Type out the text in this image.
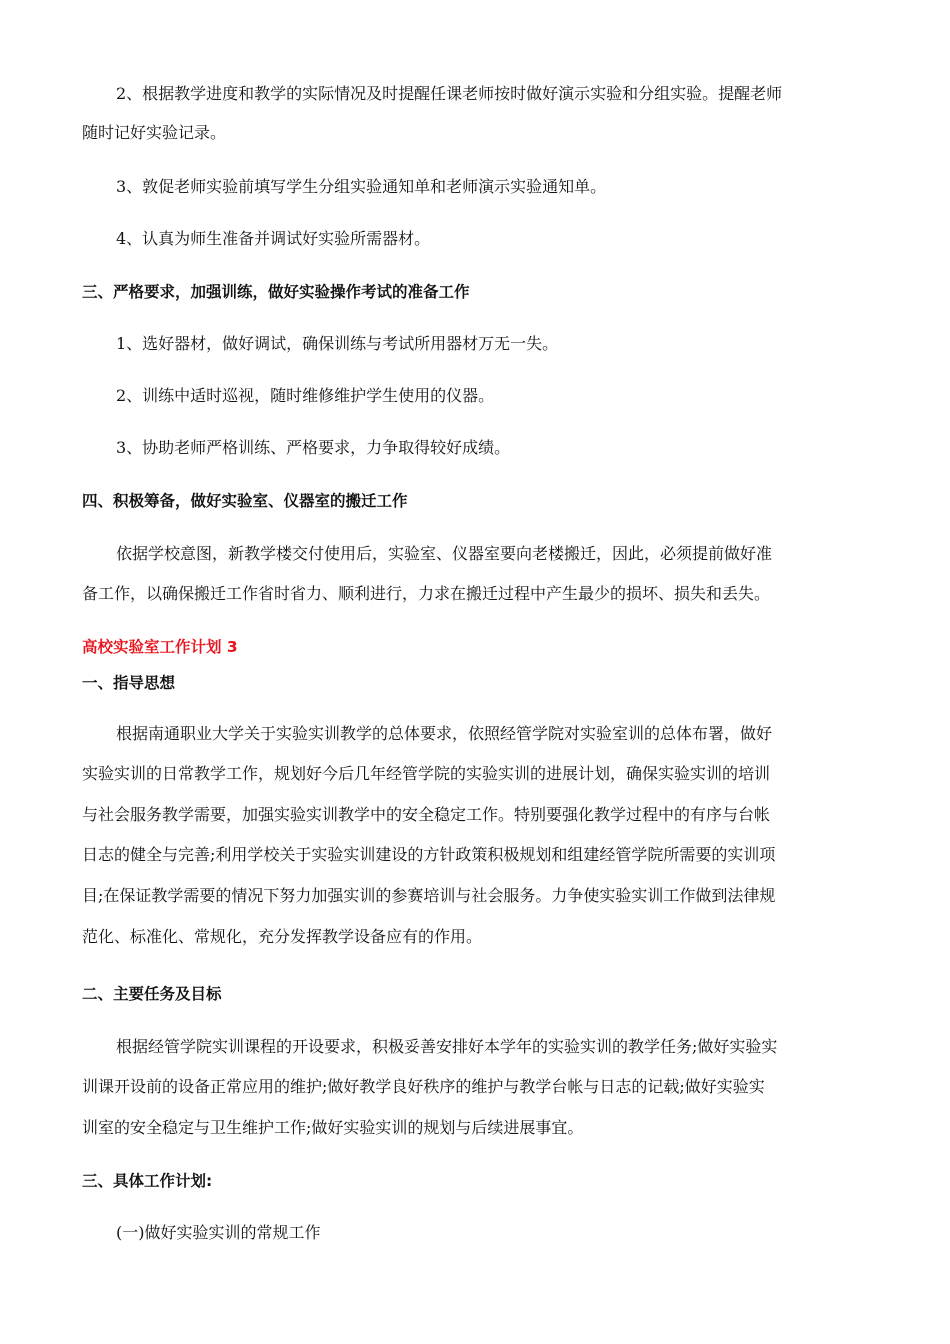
2、根据教学进度和教学的实际情况及时提醒任课老师按时做好演示实验和分组实验。提醒老师
随时记好实验记录。
3、敦促老师实验前填写学生分组实验通知单和老师演示实验通知单。
4、认真为师生准备并调试好实验所需器材。
三、严格要求，加强训练，做好实验操作考试的准备工作
1、选好器材，做好调试，确保训练与考试所用器材万无一失。
2、训练中适时巡视，随时维修维护学生使用的仪器。
3、协助老师严格训练、严格要求，力争取得较好成绩。
四、积极筹备，做好实验室、仪器室的搬迁工作
依据学校意图，新教学楼交付使用后，实验室、仪器室要向老楼搬迁，因此，必须提前做好准
备工作，以确保搬迁工作省时省力、顺利进行，力求在搬迁过程中产生最少的损坏、损失和丢失。
高校实验室工作计划 3
一、指导思想
根据南通职业大学关于实验实训教学的总体要求，依照经管学院对实验室训的总体布署，做好
实验实训的日常教学工作，规划好今后几年经管学院的实验实训的进展计划，确保实验实训的培训
与社会服务教学需要，加强实验实训教学中的安全稳定工作。特别要强化教学过程中的有序与台帐
日志的健全与完善;利用学校关于实验实训建设的方针政策积极规划和组建经管学院所需要的实训项
目;在保证教学需要的情况下努力加强实训的参赛培训与社会服务。力争使实验实训工作做到法律规
范化、标准化、常规化，充分发挥教学设备应有的作用。
二、主要任务及目标
根据经管学院实训课程的开设要求，积极妥善安排好本学年的实验实训的教学任务;做好实验实
训课开设前的设备正常应用的维护;做好教学良好秩序的维护与教学台帐与日志的记载;做好实验实
训室的安全稳定与卫生维护工作;做好实验实训的规划与后续进展事宜。
三、具体工作计划:
(一)做好实验实训的常规工作
